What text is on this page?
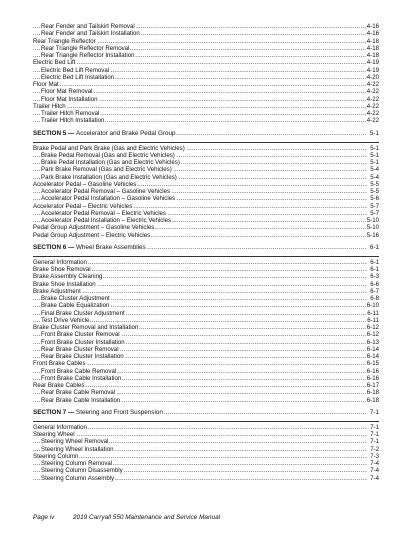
Rear Fender and Tailskirt Removal .....	4-16
Rear Fender and Tailskirt Installation .....	4-16
Rear Triangle Reflector .....	4-18
Rear Triangle Reflector Removal .....	4-18
Rear Triangle Reflector Installation .....	4-18
Electric Bed Lift .....	4-19
Electric Bed Lift Removal .....	4-19
Electric Bed Lift Installation .....	4-20
Floor Mat .....	4-22
Floor Mat Removal .....	4-22
Floor Mat Installation .....	4-22
Trailer Hitch .....	4-22
Trailer Hitch Removal .....	4-22
Trailer Hitch Installation .....	4-22
SECTION 5 — Accelerator and Brake Pedal Group .....	5-1
Brake Pedal and Park Brake (Gas and Electric Vehicles) .....	5-1
Brake Pedal Removal (Gas and Electric Vehicles) .....	5-1
Brake Pedal Installation (Gas and Electric Vehicles) .....	5-1
Park Brake Removal (Gas and Electric Vehicles) .....	5-4
Park Brake Installation (Gas and Electric Vehicles) .....	5-4
Accelerator Pedal – Gasoline Vehicles .....	5-5
Accelerator Pedal Removal – Gasoline Vehicles .....	5-5
Accelerator Pedal Installation – Gasoline Vehicles .....	5-6
Accelerator Pedal – Electric Vehicles .....	5-7
Accelerator Pedal Removal – Electric Vehicles .....	5-7
Accelerator Pedal Installation – Electric Vehicles .....	5-10
Pedal Group Adjustment – Gasoline Vehicles .....	5-10
Pedal Group Adjustment – Electric Vehicles .....	5-16
SECTION 6 — Wheel Brake Assemblies .....	6-1
General Information .....	6-1
Brake Shoe Removal .....	6-1
Brake Assembly Cleaning .....	6-3
Brake Shoe Installation .....	6-6
Brake Adjustment .....	6-7
Brake Cluster Adjustment .....	6-8
Brake Cable Equalization .....	6-10
Final Brake Cluster Adjustment .....	6-11
Test Drive Vehicle .....	6-11
Brake Cluster Removal and Installation .....	6-12
Front Brake Cluster Removal .....	6-12
Front Brake Cluster Installation .....	6-13
Rear Brake Cluster Removal .....	6-14
Rear Brake Cluster Installation .....	6-14
Front Brake Cables .....	6-15
Front Brake Cable Removal .....	6-16
Front Brake Cable Installation .....	6-16
Rear Brake Cables .....	6-17
Rear Brake Cable Removal .....	6-18
Rear Brake Cable Installation .....	6-18
SECTION 7 — Steering and Front Suspension .....	7-1
General Information .....	7-1
Steering Wheel .....	7-1
Steering Wheel Removal .....	7-1
Steering Wheel Installation .....	7-2
Steering Column .....	7-3
Steering Column Removal .....	7-4
Steering Column Disassembly .....	7-4
Steering Column Assembly .....	7-4
Page iv	2019 Carryall 550 Maintenance and Service Manual
